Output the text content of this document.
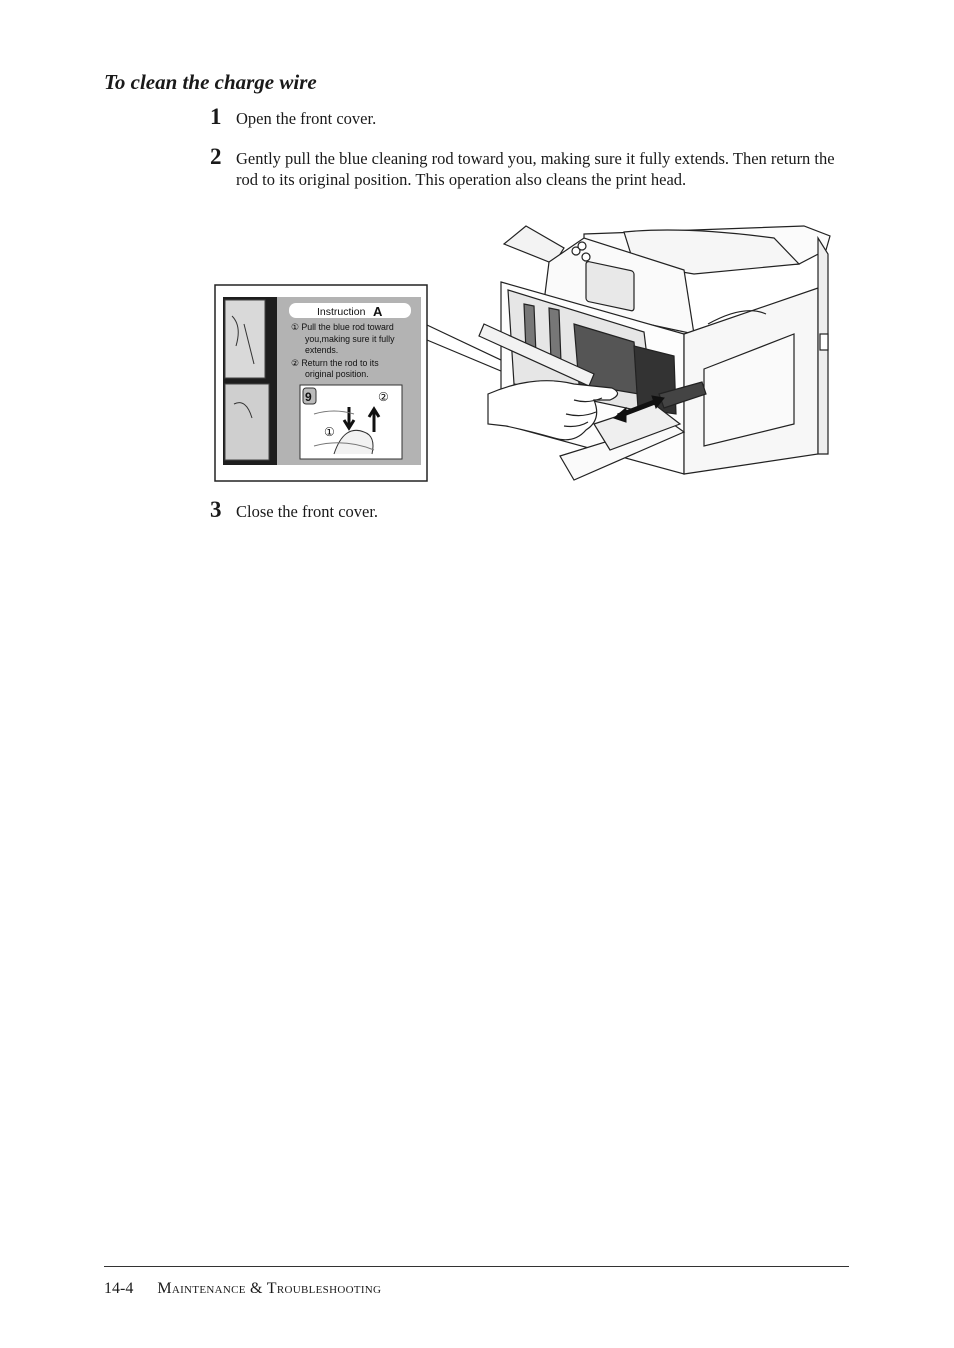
To clean the charge wire
1 Open the front cover.
2 Gently pull the blue cleaning rod toward you, making sure it fully extends. Then return the rod to its original position. This operation also cleans the print head.
Instruction A
① Pull the blue rod toward
you,making sure it fully
extends.
② Return the rod to its
original position.
9	②
①
3 Close the front cover.
14-4 Maintenance & Troubleshooting
